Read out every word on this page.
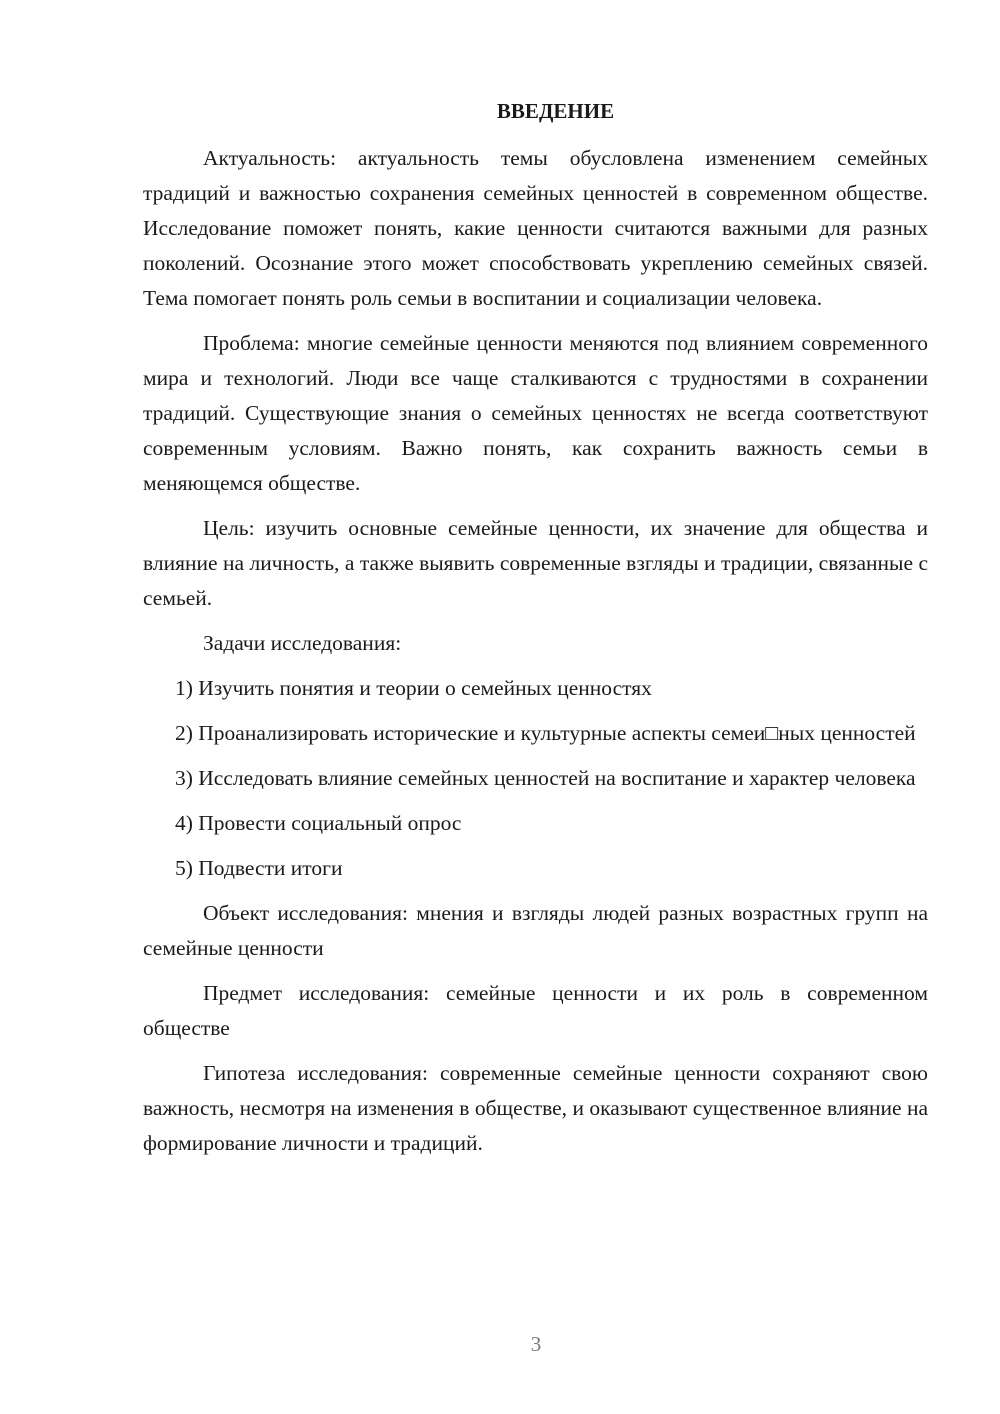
ВВЕДЕНИЕ

Актуальность: актуальность темы обусловлена изменением семейных традиций и важностью сохранения семейных ценностей в современном обществе. Исследование поможет понять, какие ценности считаются важными для разных поколений. Осознание этого может способствовать укреплению семейных связей. Тема помогает понять роль семьи в воспитании и социализации человека.

Проблема: многие семейные ценности меняются под влиянием современного мира и технологий. Люди все чаще сталкиваются с трудностями в сохранении традиций. Существующие знания о семейных ценностях не всегда соответствуют современным условиям. Важно понять, как сохранить важность семьи в меняющемся обществе.

Цель: изучить основные семейные ценности, их значение для общества и влияние на личность, а также выявить современные взгляды и традиции, связанные с семьей.

Задачи исследования:

1) Изучить понятия и теории о семейных ценностях

2) Проанализировать исторические и культурные аспекты семеи□ных ценностей

3) Исследовать влияние семейных ценностей на воспитание и характер человека

4) Провести социальный опрос

5) Подвести итоги

Объект исследования: мнения и взгляды людей разных возрастных групп на семейные ценности

Предмет исследования: семейные ценности и их роль в современном обществе

Гипотеза исследования: современные семейные ценности сохраняют свою важность, несмотря на изменения в обществе, и оказывают существенное влияние на формирование личности и традиций.

3
